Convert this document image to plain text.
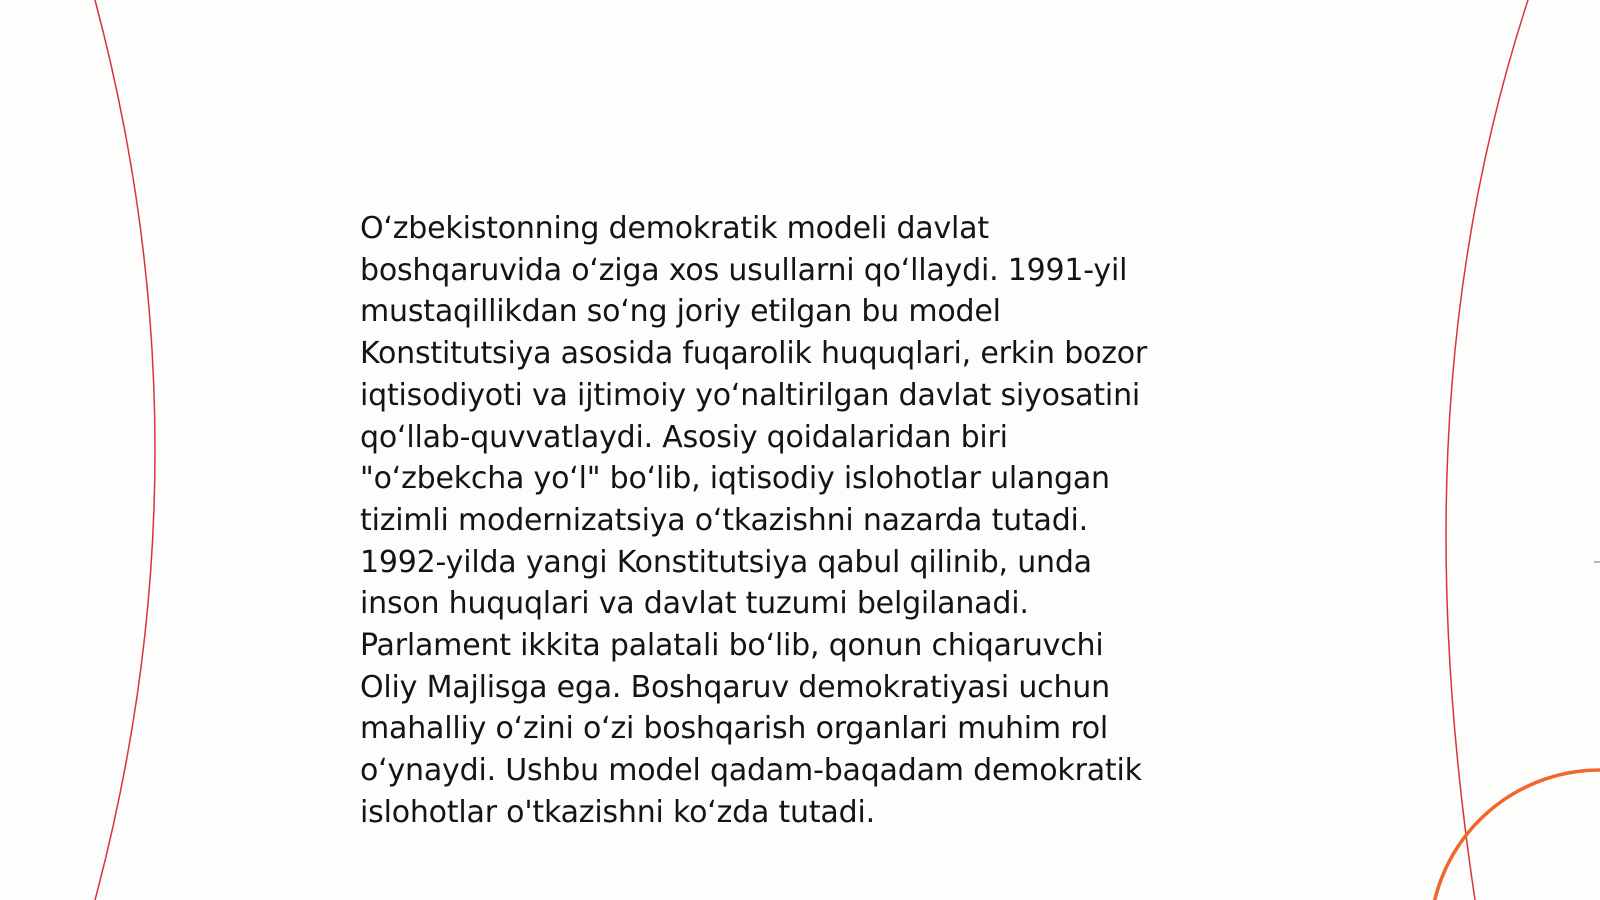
O‘zbekistonning demokratik modeli davlat
boshqaruvida o‘ziga xos usullarni qo‘llaydi. 1991-yil
mustaqillikdan so‘ng joriy etilgan bu model
Konstitutsiya asosida fuqarolik huquqlari, erkin bozor
iqtisodiyoti va ijtimoiy yo‘naltirilgan davlat siyosatini
qo‘llab-quvvatlaydi. Asosiy qoidalaridan biri
"o‘zbekcha yo‘l" bo‘lib, iqtisodiy islohotlar ulangan
tizimli modernizatsiya o‘tkazishni nazarda tutadi.
1992-yilda yangi Konstitutsiya qabul qilinib, unda
inson huquqlari va davlat tuzumi belgilanadi.
Parlament ikkita palatali bo‘lib, qonun chiqaruvchi
Oliy Majlisga ega. Boshqaruv demokratiyasi uchun
mahalliy o‘zini o‘zi boshqarish organlari muhim rol
o‘ynaydi. Ushbu model qadam-baqadam demokratik
islohotlar o'tkazishni ko‘zda tutadi.
